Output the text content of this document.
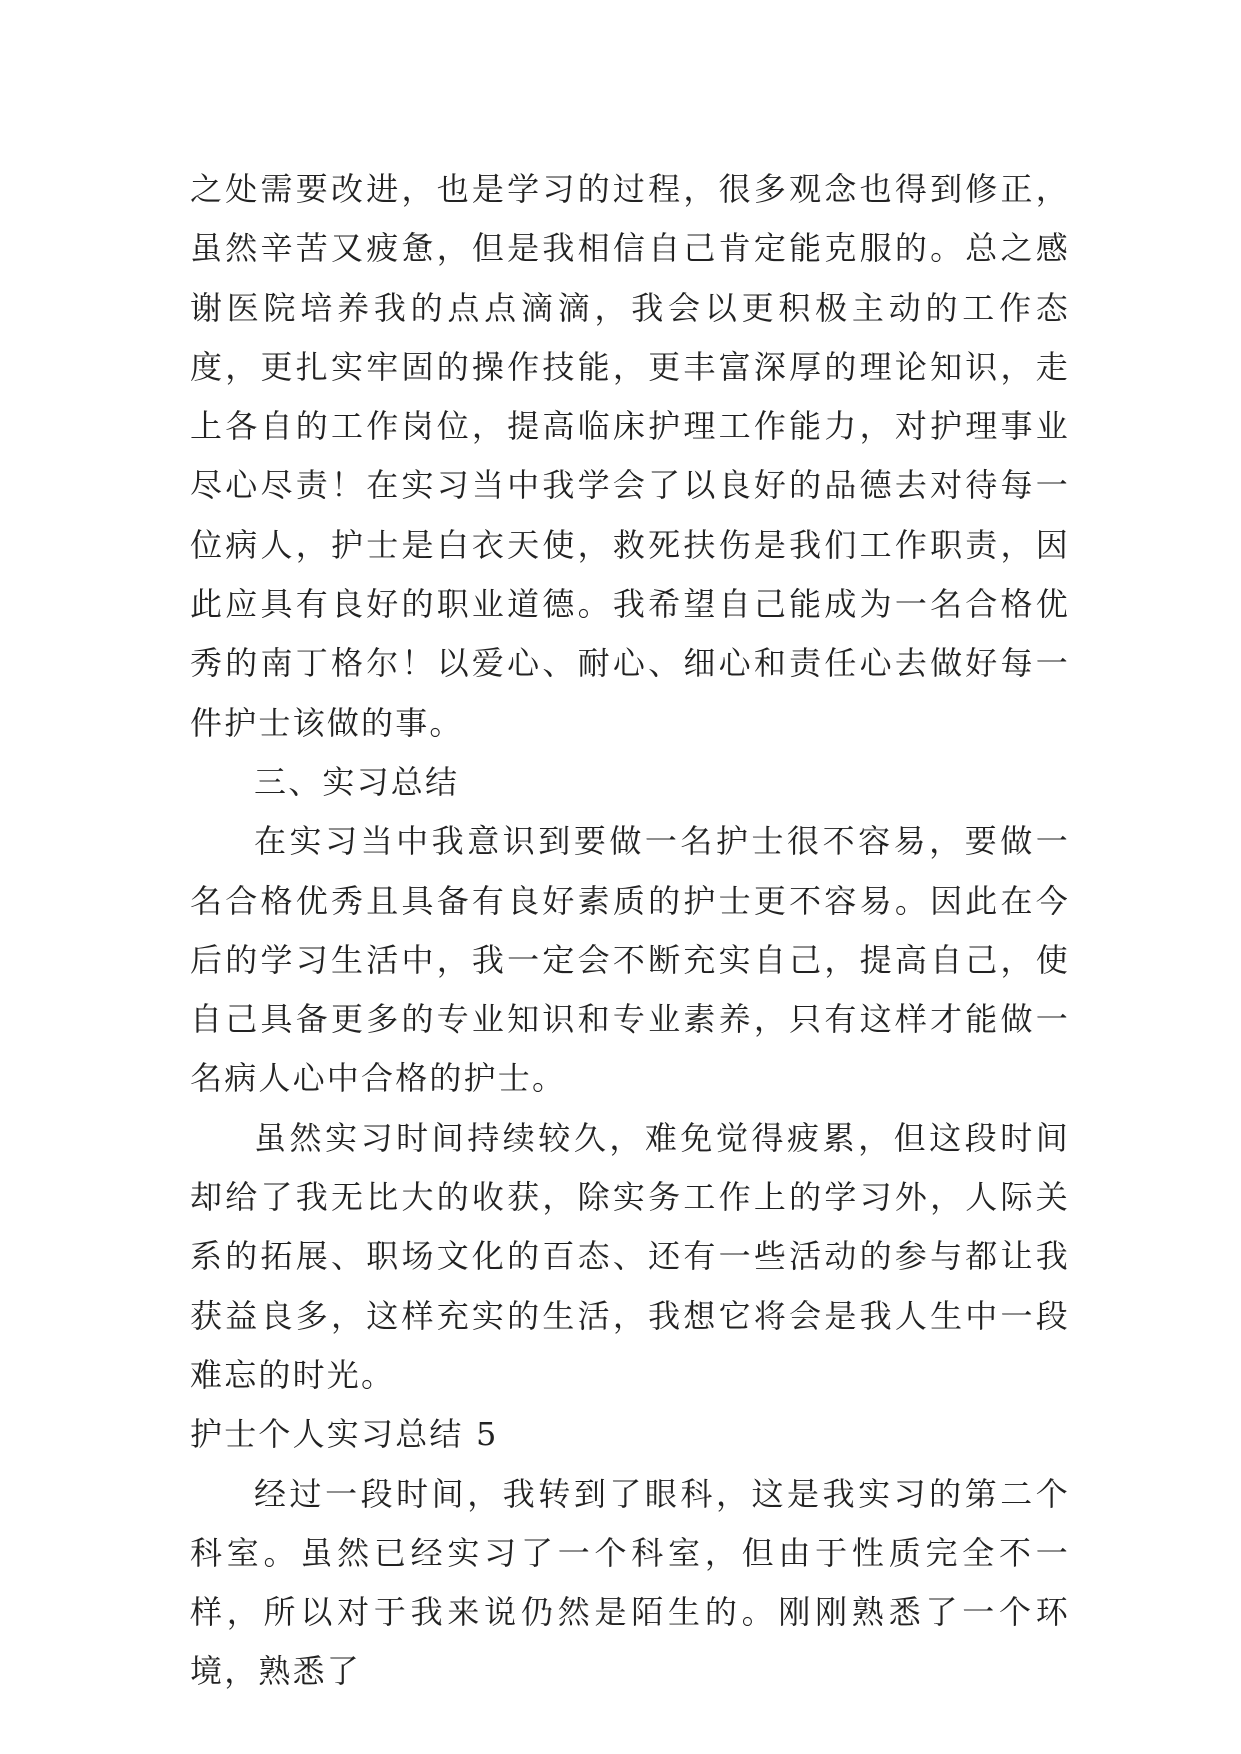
之处需要改进，也是学习的过程，很多观念也得到修正，虽然辛苦又疲惫，但是我相信自己肯定能克服的。总之感谢医院培养我的点点滴滴，我会以更积极主动的工作态度，更扎实牢固的操作技能，更丰富深厚的理论知识，走上各自的工作岗位，提高临床护理工作能力，对护理事业尽心尽责！在实习当中我学会了以良好的品德去对待每一位病人，护士是白衣天使，救死扶伤是我们工作职责，因此应具有良好的职业道德。我希望自己能成为一名合格优秀的南丁格尔！以爱心、耐心、细心和责任心去做好每一件护士该做的事。

三、实习总结

在实习当中我意识到要做一名护士很不容易，要做一名合格优秀且具备有良好素质的护士更不容易。因此在今后的学习生活中，我一定会不断充实自己，提高自己，使自己具备更多的专业知识和专业素养，只有这样才能做一名病人心中合格的护士。

虽然实习时间持续较久，难免觉得疲累，但这段时间却给了我无比大的收获，除实务工作上的学习外，人际关系的拓展、职场文化的百态、还有一些活动的参与都让我获益良多，这样充实的生活，我想它将会是我人生中一段难忘的时光。

护士个人实习总结 5

经过一段时间，我转到了眼科，这是我实习的第二个科室。虽然已经实习了一个科室，但由于性质完全不一样，所以对于我来说仍然是陌生的。刚刚熟悉了一个环境，熟悉了
